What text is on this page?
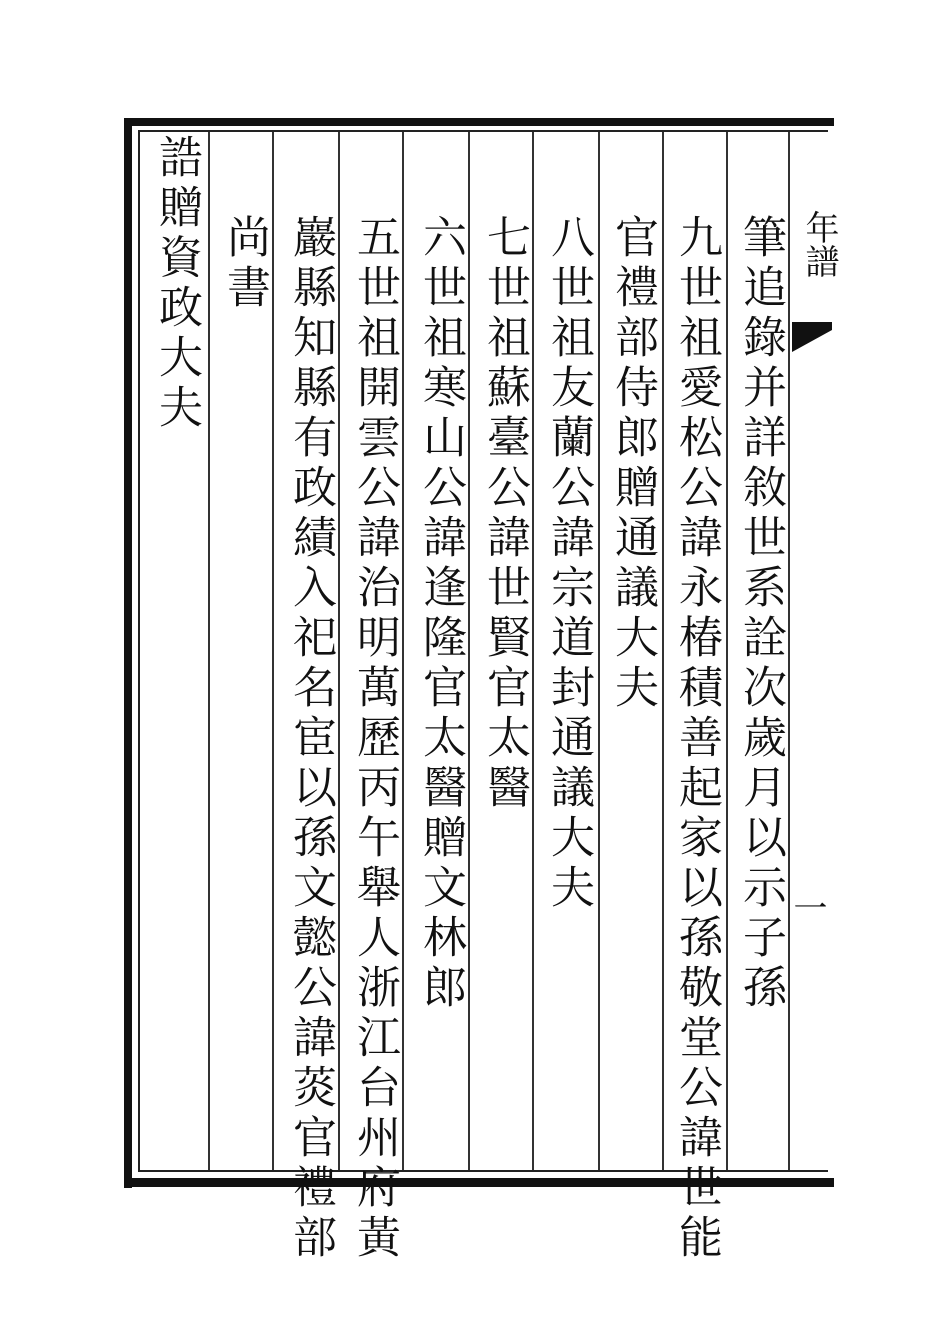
年譜
一
筆追錄并詳敘世系詮次歲月以示子孫
九世祖愛松公諱永椿積善起家以孫敬堂公諱世能
官禮部侍郎贈通議大夫
八世祖友蘭公諱宗道封通議大夫
七世祖蘇臺公諱世賢官太醫
六世祖寒山公諱逢隆官太醫贈文林郎
五世祖開雲公諱治明萬歷丙午舉人浙江台州府黃
巖縣知縣有政績入祀名宦以孫文懿公諱菼官禮部
尚書
誥贈資政大夫
